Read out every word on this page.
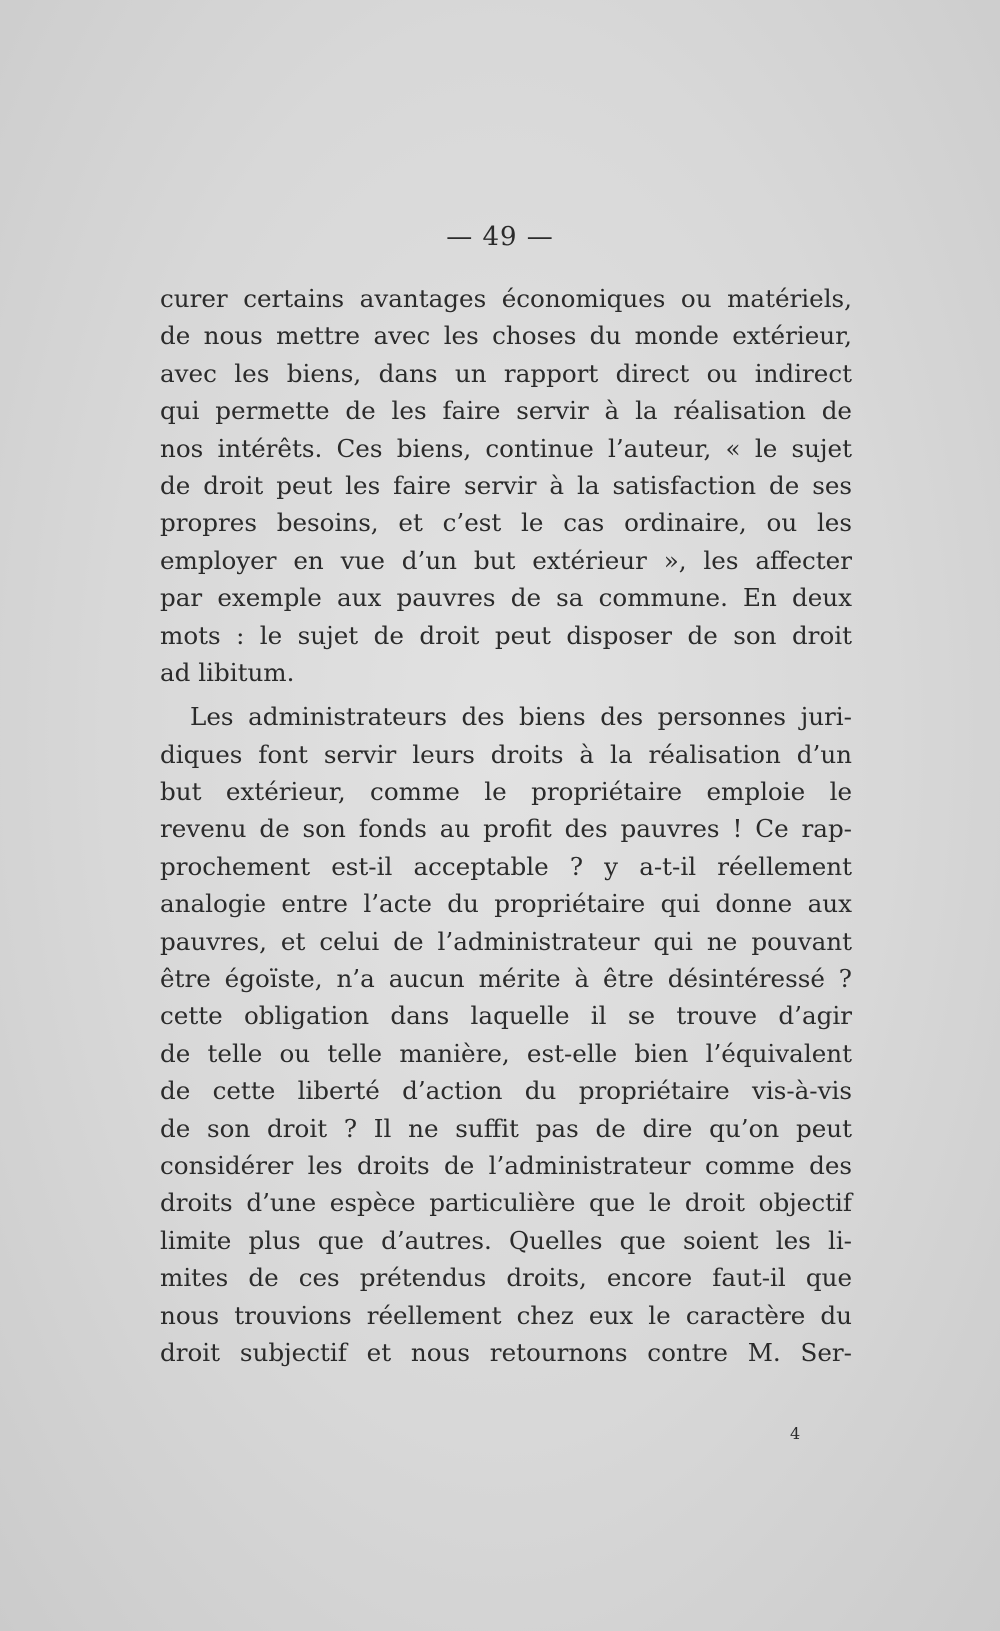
— 49 —
curer certains avantages économiques ou matériels,
de nous mettre avec les choses du monde extérieur,
avec les biens, dans un rapport direct ou indirect
qui permette de les faire servir à la réalisation de
nos intérêts. Ces biens, continue l’auteur, « le sujet
de droit peut les faire servir à la satisfaction de ses
propres besoins, et c’est le cas ordinaire, ou les
employer en vue d’un but extérieur », les affecter
par exemple aux pauvres de sa commune. En deux
mots : le sujet de droit peut disposer de son droit
ad libitum.
Les administrateurs des biens des personnes juri-
diques font servir leurs droits à la réalisation d’un
but extérieur, comme le propriétaire emploie le
revenu de son fonds au profit des pauvres ! Ce rap-
prochement est-il acceptable ? y a-t-il réellement
analogie entre l’acte du propriétaire qui donne aux
pauvres, et celui de l’administrateur qui ne pouvant
être égoïste, n’a aucun mérite à être désintéressé ?
cette obligation dans laquelle il se trouve d’agir
de telle ou telle manière, est-elle bien l’équivalent
de cette liberté d’action du propriétaire vis-à-vis
de son droit ? Il ne suffit pas de dire qu’on peut
considérer les droits de l’administrateur comme des
droits d’une espèce particulière que le droit objectif
limite plus que d’autres. Quelles que soient les li-
mites de ces prétendus droits, encore faut-il que
nous trouvions réellement chez eux le caractère du
droit subjectif et nous retournons contre M. Ser-
4
